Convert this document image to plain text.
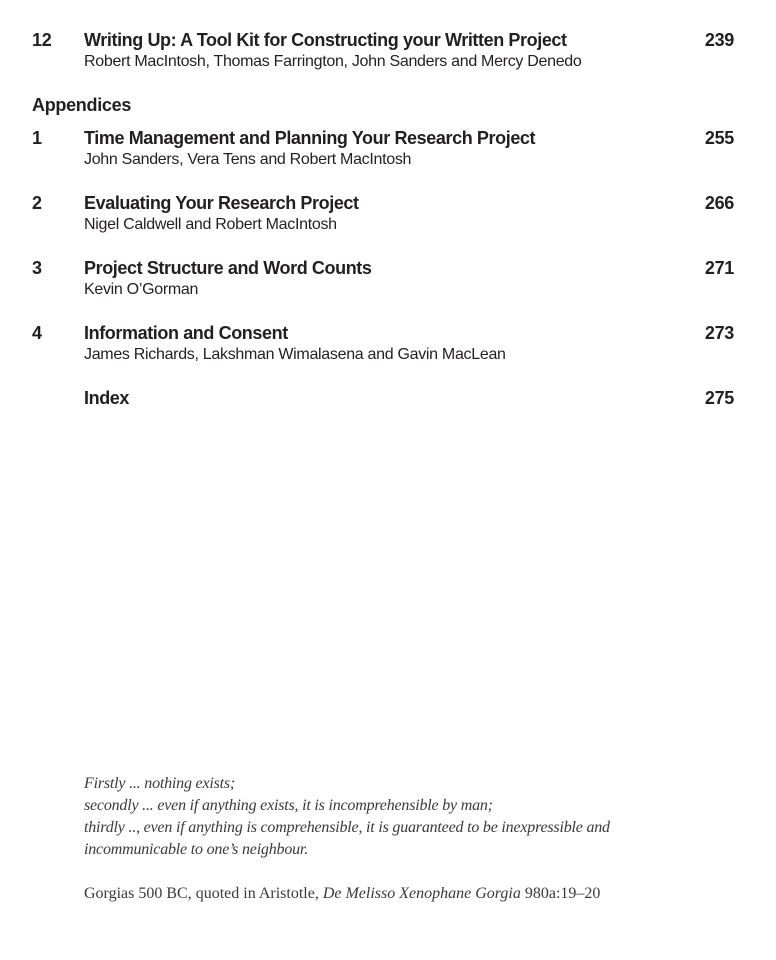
12 Writing Up: A Tool Kit for Constructing your Written Project	239
Robert MacIntosh, Thomas Farrington, John Sanders and Mercy Denedo
Appendices
1 Time Management and Planning Your Research Project	255
John Sanders, Vera Tens and Robert MacIntosh
2 Evaluating Your Research Project	266
Nigel Caldwell and Robert MacIntosh
3 Project Structure and Word Counts	271
Kevin O’Gorman
4 Information and Consent	273
James Richards, Lakshman Wimalasena and Gavin MacLean
Index	275
Firstly ... nothing exists;
secondly ... even if anything exists, it is incomprehensible by man;
thirdly .., even if anything is comprehensible, it is guaranteed to be inexpressible and
incommunicable to one’s neighbour.
Gorgias 500 BC, quoted in Aristotle, De Melisso Xenophane Gorgia 980a:19–20
